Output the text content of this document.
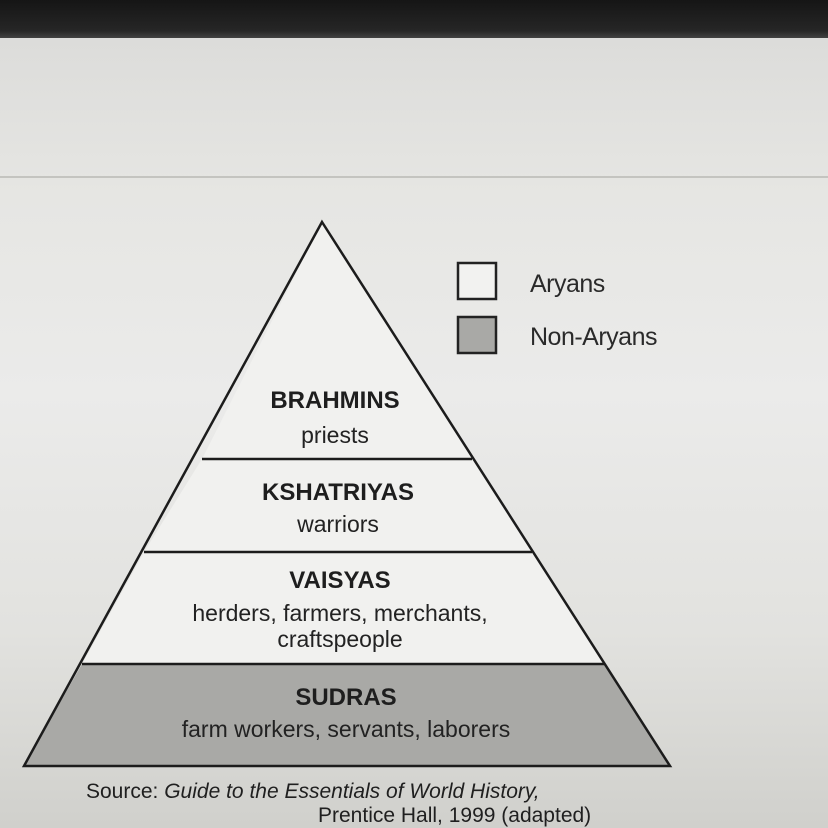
BRAHMINS
priests
KSHATRIYAS
warriors
VAISYAS
herders, farmers, merchants,
craftspeople
SUDRAS
farm workers, servants, laborers
Aryans
Non-Aryans
Source: Guide to the Essentials of World History,
Prentice Hall, 1999 (adapted)
